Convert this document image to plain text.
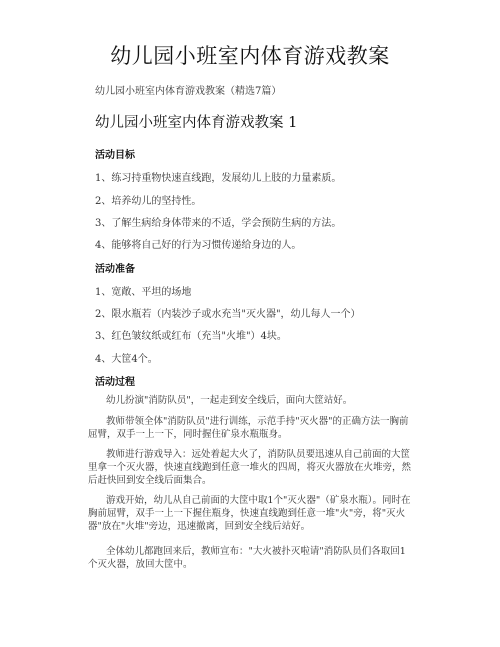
幼儿园小班室内体育游戏教案
幼儿园小班室内体育游戏教案（精选7篇）
幼儿园小班室内体育游戏教案 1
活动目标
1、练习持重物快速直线跑，发展幼儿上肢的力量素质。
2、培养幼儿的坚持性。
3、了解生病给身体带来的不适，学会预防生病的方法。
4、能够将自己好的行为习惯传递给身边的人。
活动准备
1、宽敞、平坦的场地
2、限水瓶若（内装沙子或水充当"灭火器"，幼儿每人一个）
3、红色皱纹纸或红布（充当"火堆"）4块。
4、大筐4个。
活动过程
幼儿扮演"消防队员"，一起走到安全线后，面向大筐站好。
教师带领全体"消防队员"进行训练，示范手持"灭火器"的正确方法一胸前屈臂，双手一上一下，同时握住矿泉水瓶瓶身。
教师进行游戏导入：远处着起大火了，消防队员要迅速从自己前面的大筐里拿一个灭火器，快速直线跑到任意一堆火的四周，将灭火器放在火堆旁，然后赶快回到安全线后面集合。
游戏开始，幼儿从自己前面的大筐中取1个"灭火器"（矿泉水瓶）。同时在胸前屈臂，双手一上一下握住瓶身，快速直线跑到任意一堆"火"旁，将"灭火器"放在"火堆"旁边，迅速撤离，回到安全线后站好。
全体幼儿都跑回来后，教师宣布："大火被扑灭啦请"消防队员们各取回1个灭火器，放回大筐中。
